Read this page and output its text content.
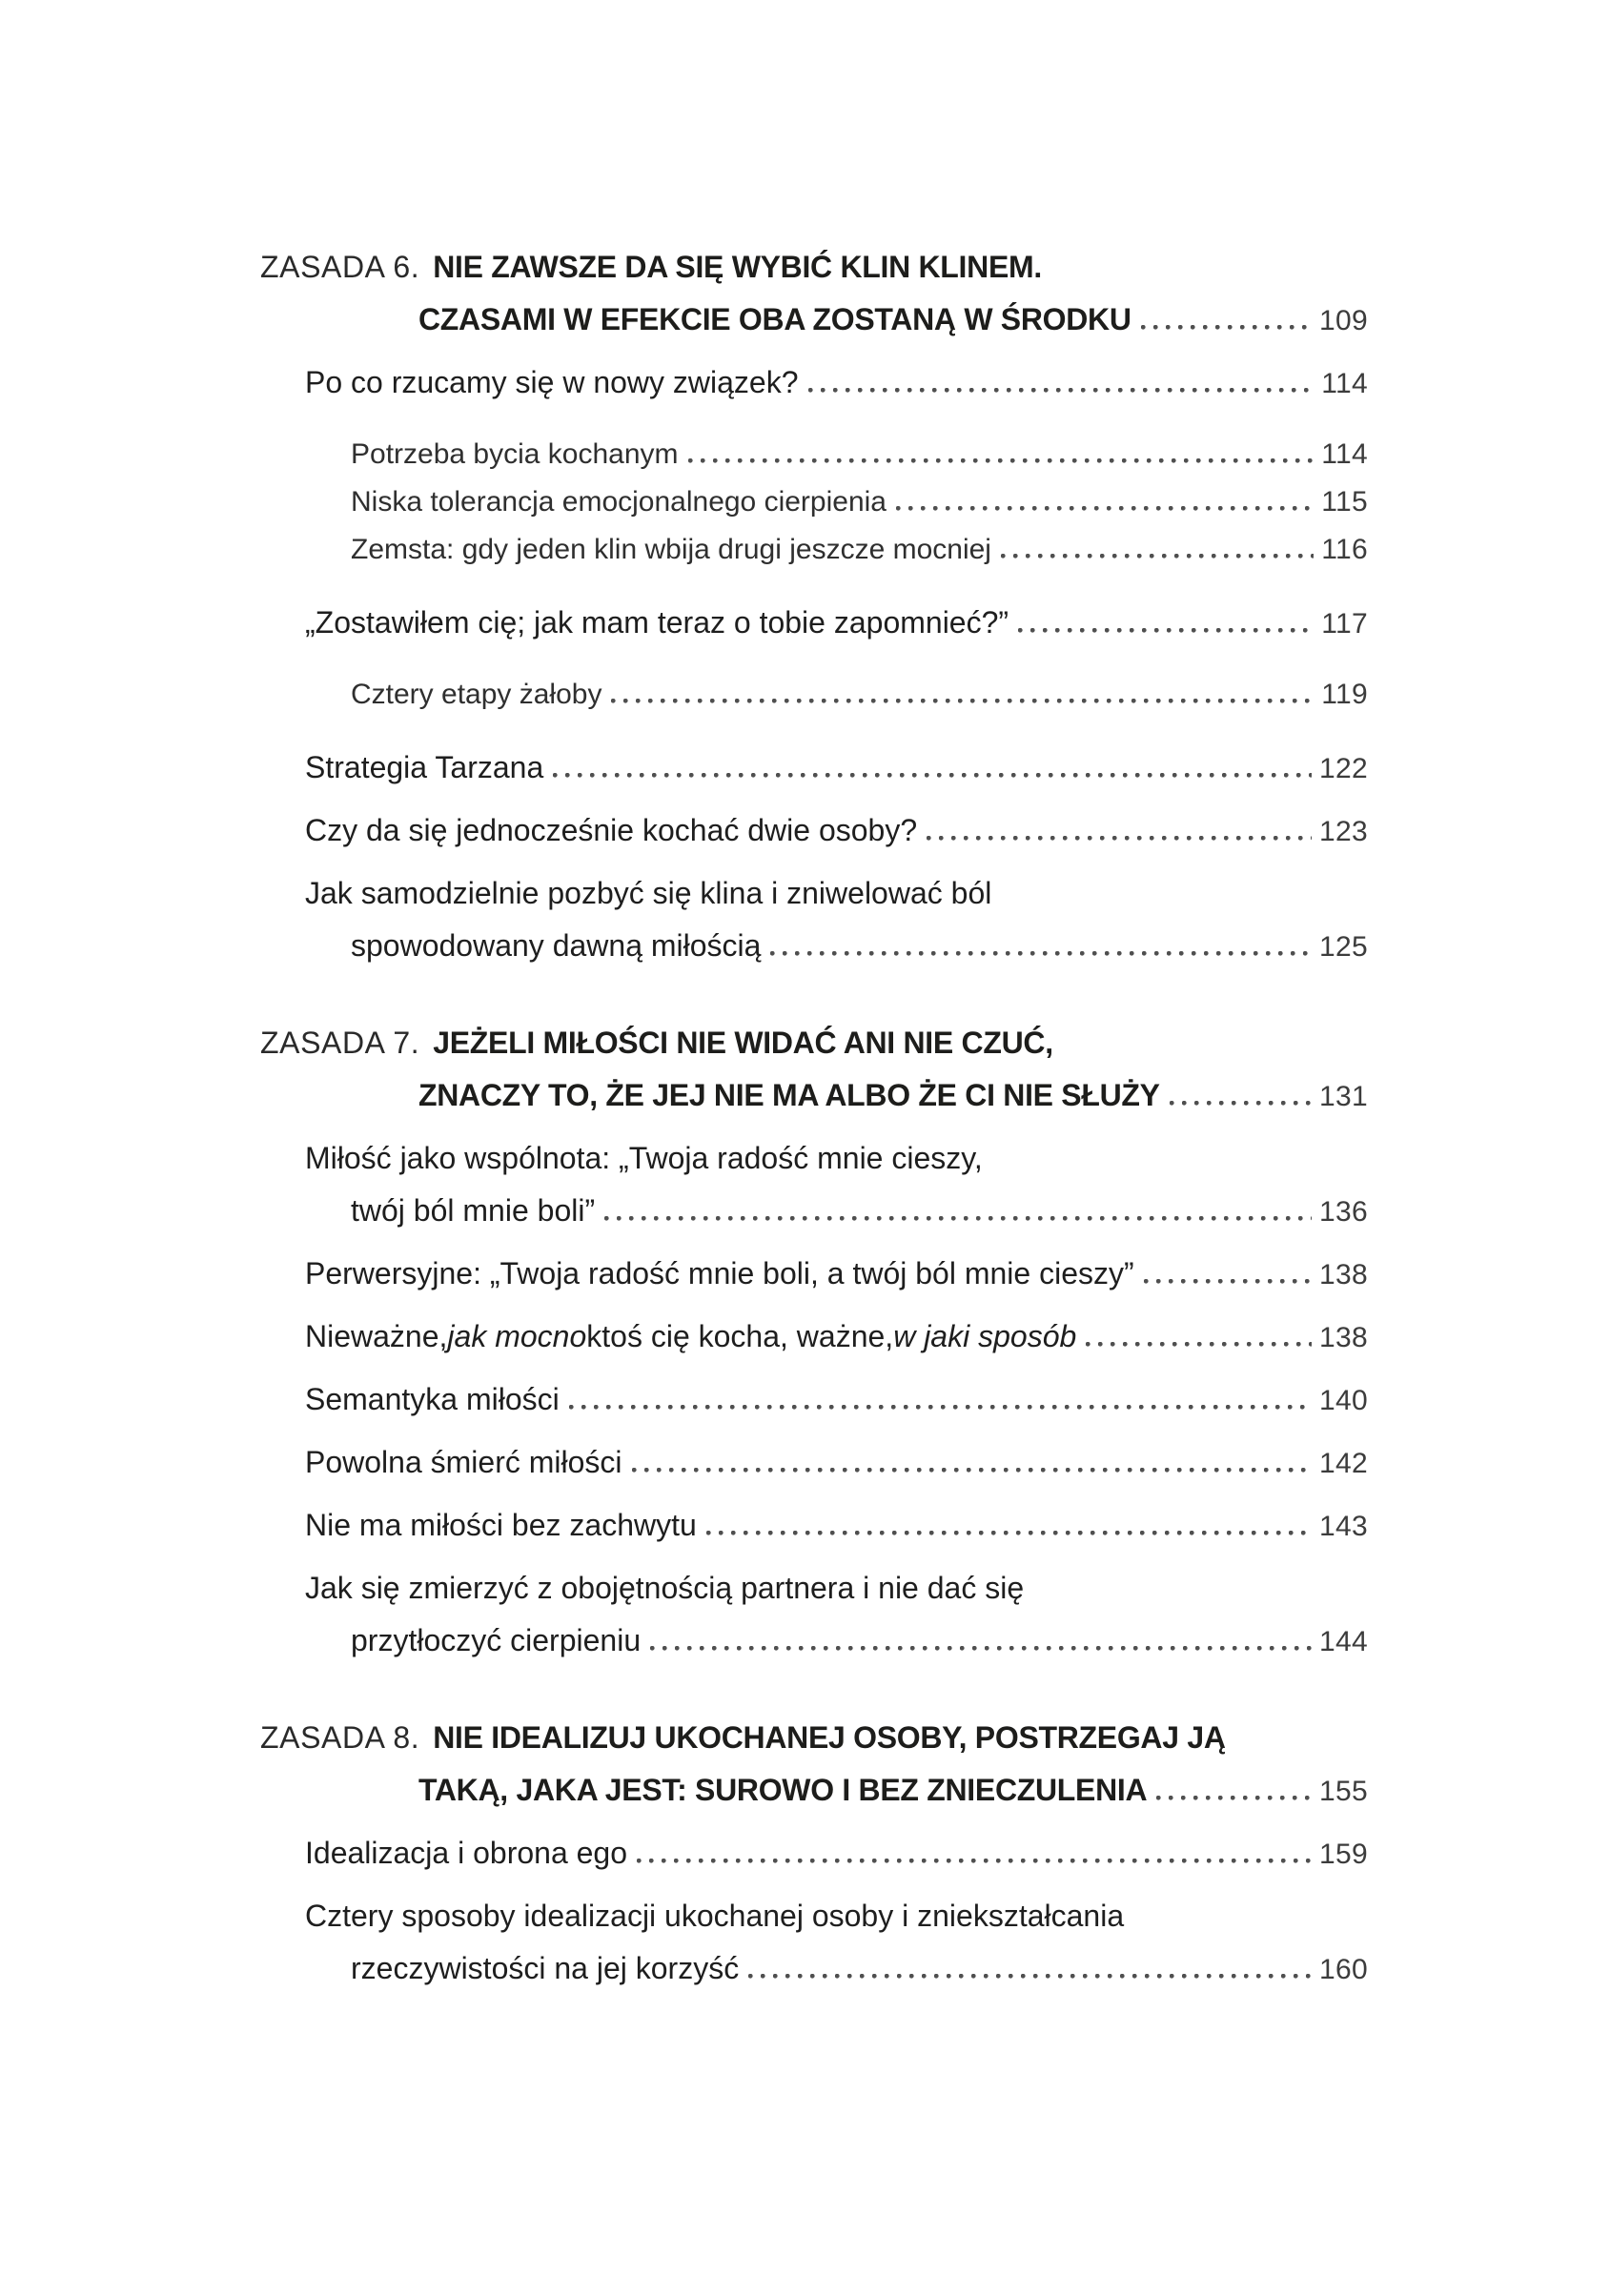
ZASADA 6. NIE ZAWSZE DA SIĘ WYBIĆ KLIN KLINEM.
CZASAMI W EFEKCIE OBA ZOSTANĄ W ŚRODKU	109
Po co rzucamy się w nowy związek?	114
Potrzeba bycia kochanym	114
Niska tolerancja emocjonalnego cierpienia	115
Zemsta: gdy jeden klin wbija drugi jeszcze mocniej	116
„Zostawiłem cię; jak mam teraz o tobie zapomnieć?”	117
Cztery etapy żałoby	119
Strategia Tarzana	122
Czy da się jednocześnie kochać dwie osoby?	123
Jak samodzielnie pozbyć się klina i zniwelować ból
spowodowany dawną miłością	125
ZASADA 7. JEŻELI MIŁOŚCI NIE WIDAĆ ANI NIE CZUĆ,
ZNACZY TO, ŻE JEJ NIE MA ALBO ŻE CI NIE SŁUŻY	131
Miłość jako wspólnota: „Twoja radość mnie cieszy,
twój ból mnie boli”	136
Perwersyjne: „Twoja radość mnie boli, a twój ból mnie cieszy”	138
Nieważne, jak mocno ktoś cię kocha, ważne, w jaki sposób	138
Semantyka miłości	140
Powolna śmierć miłości	142
Nie ma miłości bez zachwytu	143
Jak się zmierzyć z obojętnością partnera i nie dać się
przytłoczyć cierpieniu	144
ZASADA 8. NIE IDEALIZUJ UKOCHANEJ OSOBY, POSTRZEGAJ JĄ
TAKĄ, JAKA JEST: SUROWO I BEZ ZNIECZULENIA	155
Idealizacja i obrona ego	159
Cztery sposoby idealizacji ukochanej osoby i zniekształcania
rzeczywistości na jej korzyść	160
